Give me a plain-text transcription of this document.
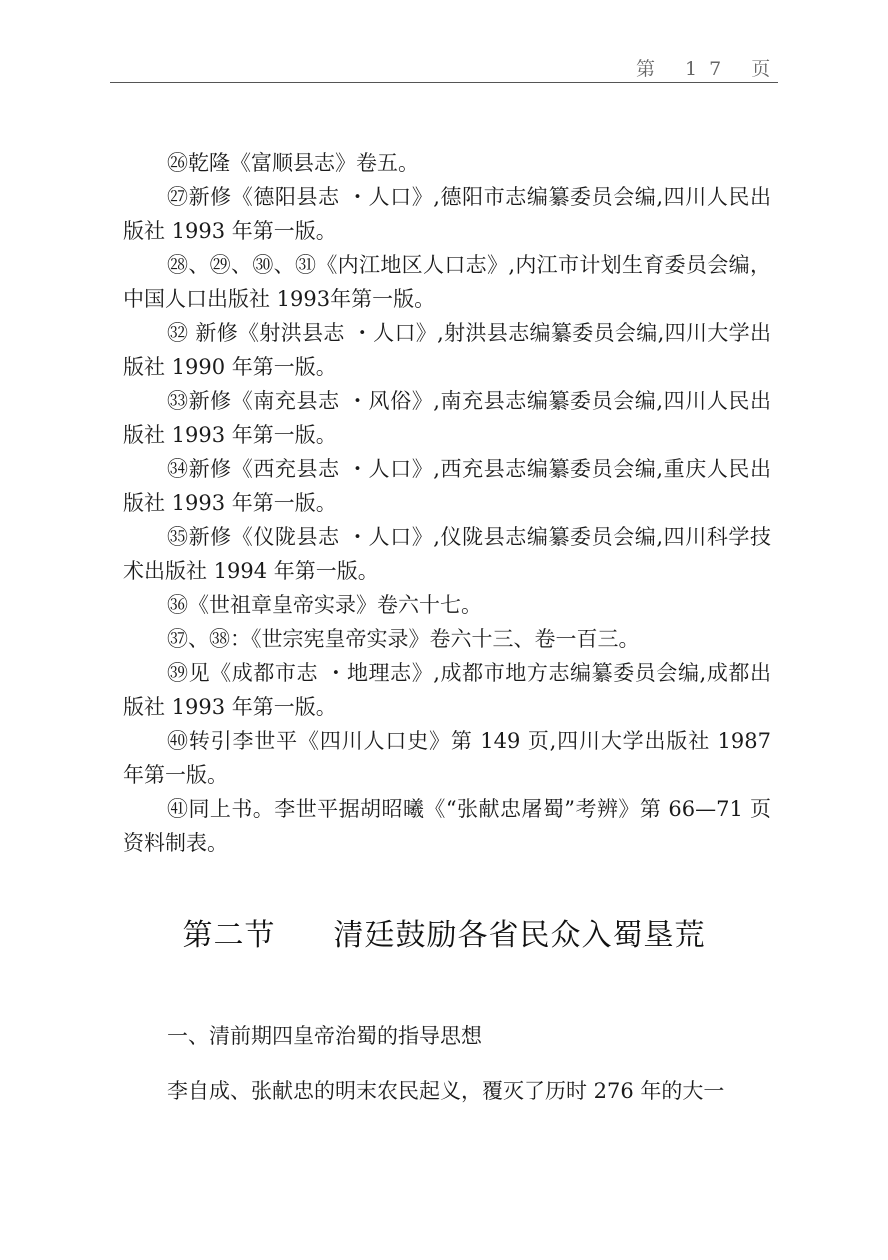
第 17 页

㉖乾隆《富顺县志》卷五。

㉗新修《德阳县志 ・人口》,德阳市志编纂委员会编,四川人民出版社 1993 年第一版。

㉘、㉙、㉚、㉛《内江地区人口志》,内江市计划生育委员会编，中国人口出版社 1993年第一版。

㉜ 新修《射洪县志 ・人口》,射洪县志编纂委员会编,四川大学出版社 1990 年第一版。

㉝新修《南充县志 ・风俗》,南充县志编纂委员会编,四川人民出版社 1993 年第一版。

㉞新修《西充县志 ・人口》,西充县志编纂委员会编,重庆人民出版社 1993 年第一版。

㉟新修《仪陇县志 ・人口》,仪陇县志编纂委员会编,四川科学技术出版社 1994 年第一版。

㊱《世祖章皇帝实录》卷六十七。

㊲、㊳：《世宗宪皇帝实录》卷六十三、卷一百三。

㊴见《成都市志 ・地理志》,成都市地方志编纂委员会编,成都出版社 1993 年第一版。

㊵转引李世平《四川人口史》第 149 页,四川大学出版社 1987 年第一版。

㊶同上书。李世平据胡昭曦《“张献忠屠蜀”考辨》第 66—71 页资料制表。

第二节 清廷鼓励各省民众入蜀垦荒
一、清前期四皇帝治蜀的指导思想
李自成、张献忠的明末农民起义，覆灭了历时 276 年的大一
